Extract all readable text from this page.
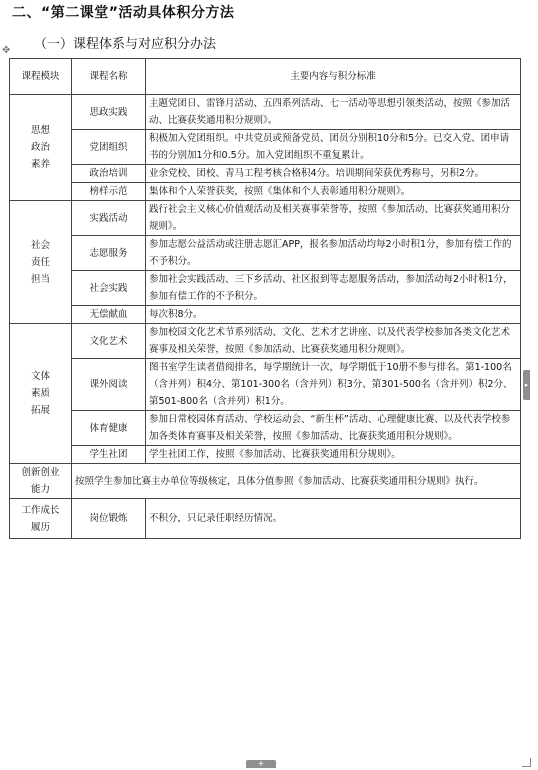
二、“第二课堂”活动具体积分方法
（一）课程体系与对应积分办法
✥
课程模块	课程名称	主要内容与积分标准

思想
政治
素养	思政实践	主题党团日、雷锋月活动、五四系列活动、七一活动等思想引领类活动，按照《参加活动、比赛获奖通用积分规则》。
	党团组织	积极加入党团组织。中共党员或预备党员、团员分别积10分和5分。已交入党、团申请书的分别加1分和0.5分。加入党团组织不重复累计。
	政治培训	业余党校、团校、青马工程考核合格积4分。培训期间荣获优秀称号，另积2分。
	榜样示范	集体和个人荣誉获奖，按照《集体和个人表彰通用积分规则》。

社会
责任
担当	实践活动	践行社会主义核心价值观活动及相关赛事荣誉等，按照《参加活动、比赛获奖通用积分规则》。
	志愿服务	参加志愿公益活动或注册志愿汇APP，报名参加活动均每2小时积1分，参加有偿工作的不予积分。
	社会实践	参加社会实践活动、三下乡活动、社区报到等志愿服务活动，参加活动每2小时积1分，参加有偿工作的不予积分。
	无偿献血	每次积8分。

文体
素质
拓展	文化艺术	参加校园文化艺术节系列活动、文化、艺术才艺讲座、以及代表学校参加各类文化艺术赛事及相关荣誉，按照《参加活动、比赛获奖通用积分规则》。
	课外阅读	图书室学生读者借阅排名，每学期统计一次，每学期低于10册不参与排名。第1-100名（含并列）积4分、第101-300名（含并列）积3分、第301-500名（含并列）积2分、第501-800名（含并列）积1分。
	体育健康	参加日常校园体育活动、学校运动会、“新生杯”活动、心理健康比赛、以及代表学校参加各类体育赛事及相关荣誉，按照《参加活动、比赛获奖通用积分规则》。
	学生社团	学生社团工作，按照《参加活动、比赛获奖通用积分规则》。

创新创业
能力	按照学生参加比赛主办单位等级核定，具体分值参照《参加活动、比赛获奖通用积分规则》执行。	

工作成长
履历	岗位锻炼	不积分，只记录任职经历情况。
▸
+
